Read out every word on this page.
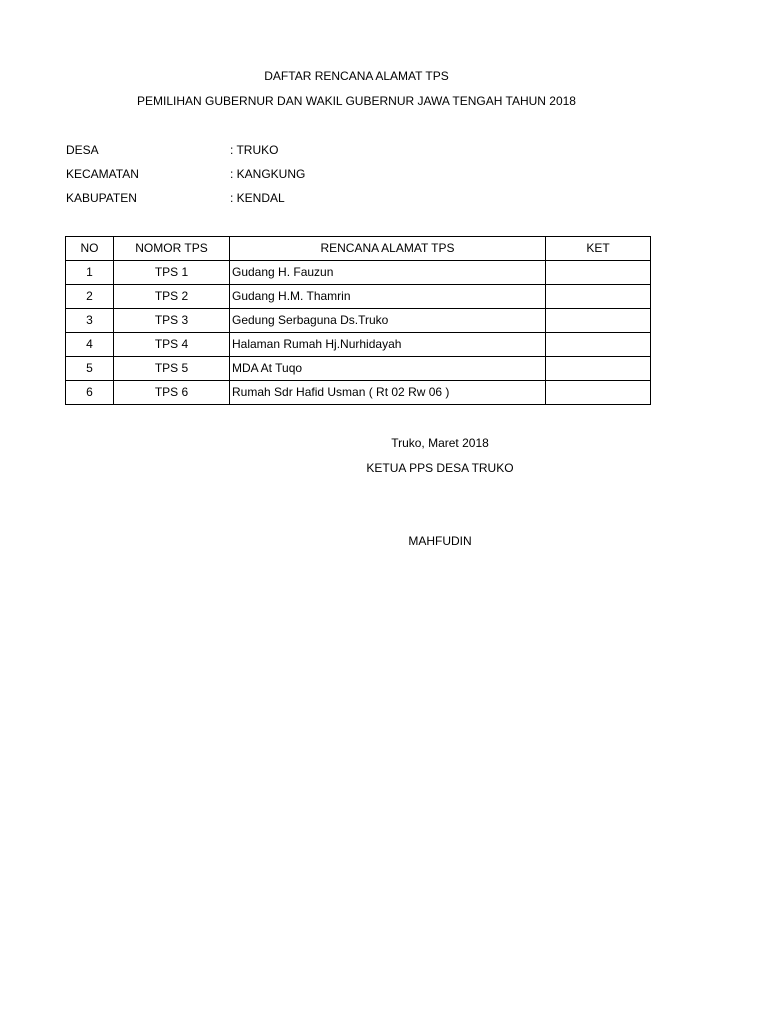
DAFTAR RENCANA ALAMAT TPS
PEMILIHAN GUBERNUR DAN WAKIL GUBERNUR JAWA TENGAH TAHUN 2018
DESA	: TRUKO
KECAMATAN	: KANGKUNG
KABUPATEN	: KENDAL
NO	NOMOR TPS	RENCANA ALAMAT TPS	KET
1	TPS 1	Gudang H. Fauzun	
2	TPS 2	Gudang H.M. Thamrin	
3	TPS 3	Gedung Serbaguna Ds.Truko	
4	TPS 4	Halaman Rumah Hj.Nurhidayah	
5	TPS 5	MDA At Tuqo	
6	TPS 6	Rumah Sdr Hafid Usman ( Rt 02 Rw 06 )	
Truko, Maret 2018
KETUA PPS DESA TRUKO
MAHFUDIN
